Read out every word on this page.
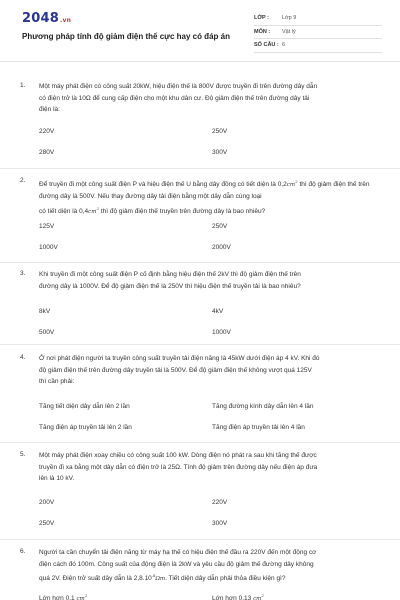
2048.vn
Phương pháp tính độ giảm điện thế cực hay có đáp án
LỚP :	Lớp 9
MÔN :	Vật lý
SỐ CÂU : 6
1. Một máy phát điện có công suất 20kW, hiệu điện thế là 800V được truyền đi trên đường dây dẫn
có điện trở là 10Ω để cung cấp điện cho một khu dân cư. Độ giảm điện thế trên đường dây tải
điện là:
220V	250V
280V	300V
2.
Để truyền đi một công suất điện P và hiệu điện thế U bằng dây đồng có tiết diện là $0,2cm^2$ thì độ giảm điện thế trên đường dây là 500V. Nếu thay đường dây tải điện bằng một dây dẫn cùng loại
có tiết diện là $0,4cm^2$ thì độ giảm điện thế truyền trên đường dây là bao nhiêu?
125V	250V
1000V	2000V
3. Khi truyền đi một công suất điện P cố định bằng hiệu điện thế 2kV thì độ giảm điện thế trên
đường dây là 1000V. Để độ giảm điện thế là 250V thì hiệu điện thế truyền tải là bao nhiêu?
8kV	4kV
500V	1000V
4. Ở nơi phát điện người ta truyền công suất truyền tải điện năng là 45kW dưới điện áp 4 kV. Khi đó
độ giảm điện thế trên đường dây truyền tải là 500V. Để độ giảm điện thế không vượt quá 125V
thì cần phải:
Tăng tiết diện dây dẫn lên 2 lần	Tăng đường kính dây dẫn lên 4 lần
Tăng điện áp truyền tải lên 2 lần	Tăng điện áp truyền tải lên 4 lần
5. Một máy phát điện xoay chiều có công suất 100 kW. Dòng điện nó phát ra sau khi tăng thế được
truyền đi xa bằng một dây dẫn có điện trở là 25Ω. Tính độ giảm trên đường dây nếu điện áp đưa
lên là 10 kV.
200V	220V
250V	300V
6. Người ta cần chuyển tải điện năng từ máy hạ thế có hiệu điện thế đầu ra 220V đến một động cơ
điện cách đó 100m. Công suất của động điện là 2kW và yêu cầu độ giảm thế đường dây không
quá 2V. Điện trở suất dây dẫn là $2,8.10^{-8}\Omega m$. Tiết diện dây dẫn phải thỏa điều kiện gì?
Lớn hơn 0,1 $cm^2$	Lớn hơn 0,13 $cm^2$
